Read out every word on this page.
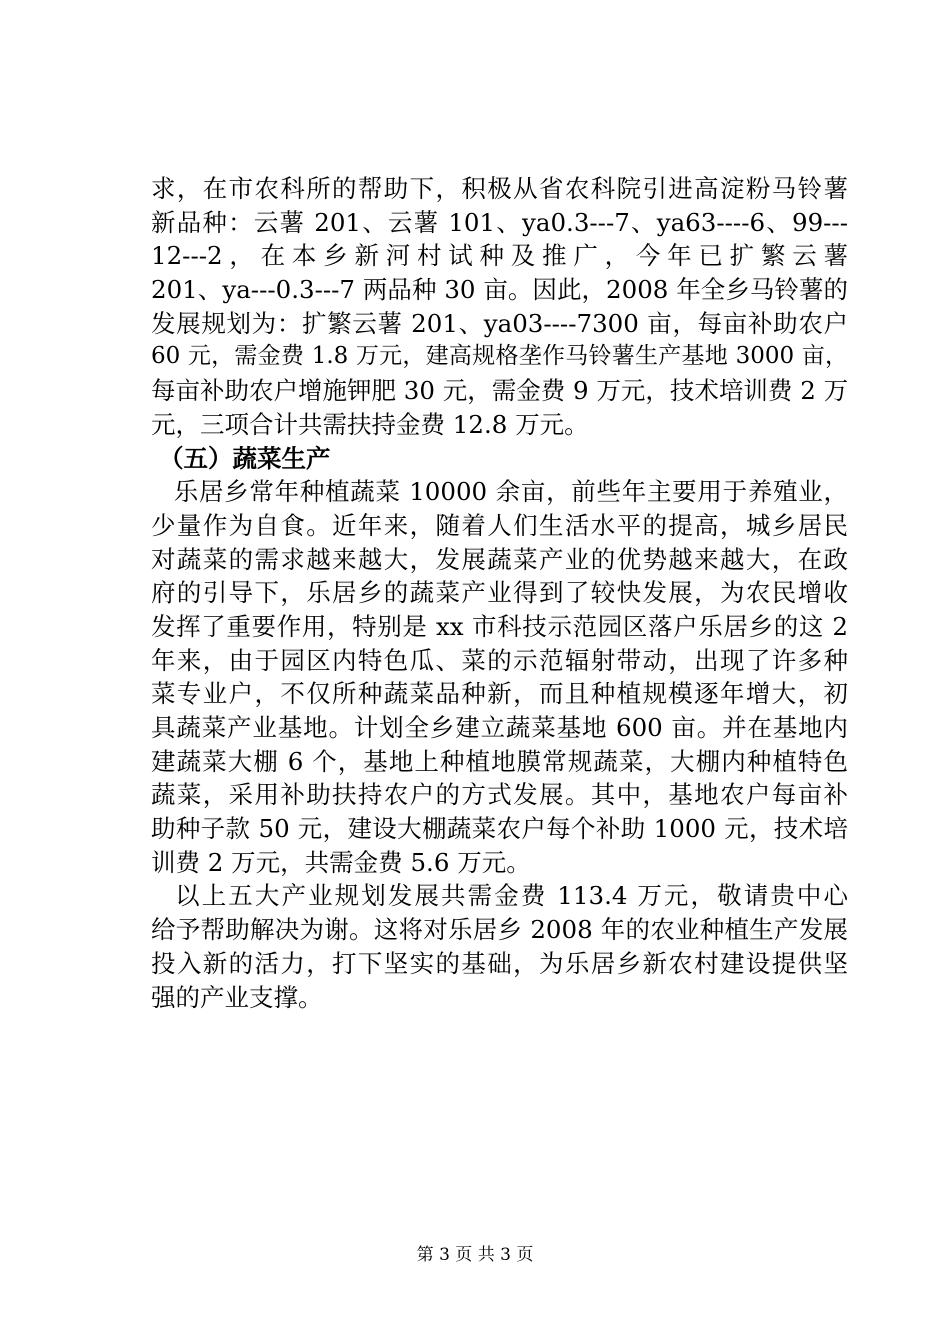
求，在市农科所的帮助下，积极从省农科院引进高淀粉马铃薯
新品种：云薯 201、云薯 101、ya0.3---7、ya63----6、99---
12---2，在本乡新河村试种及推广，今年已扩繁云薯
201、ya---0.3---7 两品种 30 亩。因此，2008 年全乡马铃薯的
发展规划为：扩繁云薯 201、ya03----7300 亩，每亩补助农户
60 元，需金费 1.8 万元，建高规格垄作马铃薯生产基地 3000 亩，
每亩补助农户增施钾肥 30 元，需金费 9 万元，技术培训费 2 万
元，三项合计共需扶持金费 12.8 万元。
（五）蔬菜生产
乐居乡常年种植蔬菜 10000 余亩，前些年主要用于养殖业，
少量作为自食。近年来，随着人们生活水平的提高，城乡居民
对蔬菜的需求越来越大，发展蔬菜产业的优势越来越大，在政
府的引导下，乐居乡的蔬菜产业得到了较快发展，为农民增收
发挥了重要作用，特别是 xx 市科技示范园区落户乐居乡的这 2
年来，由于园区内特色瓜、菜的示范辐射带动，出现了许多种
菜专业户，不仅所种蔬菜品种新，而且种植规模逐年增大，初
具蔬菜产业基地。计划全乡建立蔬菜基地 600 亩。并在基地内
建蔬菜大棚 6 个，基地上种植地膜常规蔬菜，大棚内种植特色
蔬菜，采用补助扶持农户的方式发展。其中，基地农户每亩补
助种子款 50 元，建设大棚蔬菜农户每个补助 1000 元，技术培
训费 2 万元，共需金费 5.6 万元。
以上五大产业规划发展共需金费 113.4 万元，敬请贵中心
给予帮助解决为谢。这将对乐居乡 2008 年的农业种植生产发展
投入新的活力，打下坚实的基础，为乐居乡新农村建设提供坚
强的产业支撑。
第 3 页 共 3 页
